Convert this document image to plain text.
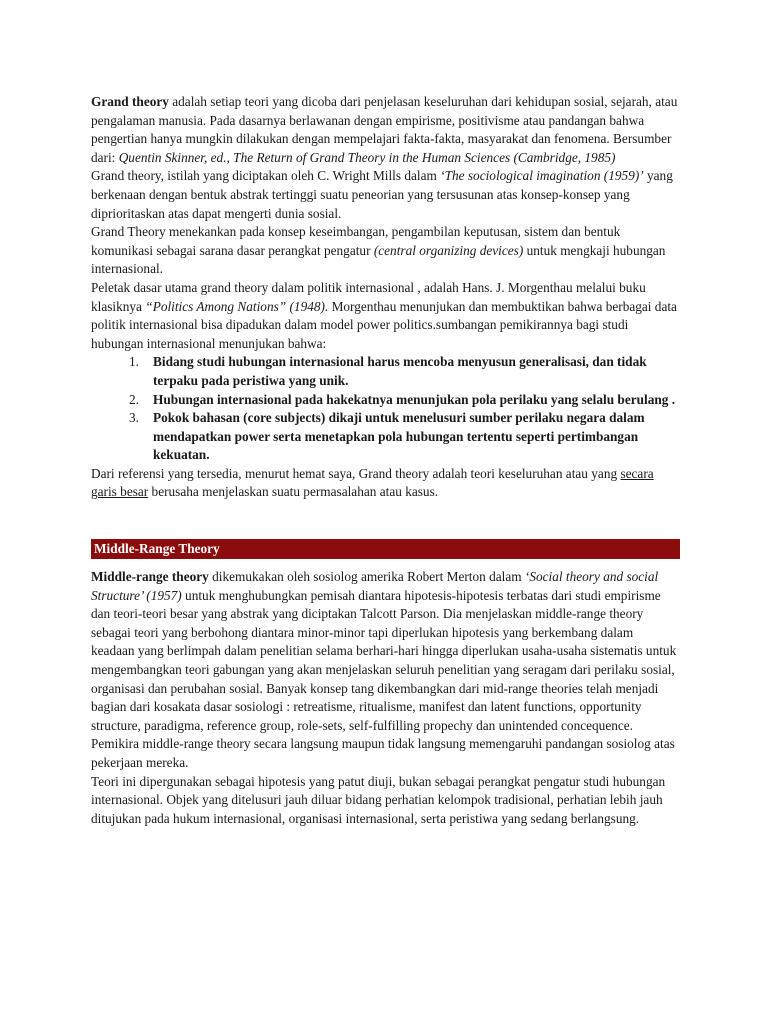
Grand theory adalah setiap teori yang dicoba dari penjelasan keseluruhan dari kehidupan sosial, sejarah, atau pengalaman manusia. Pada dasarnya berlawanan dengan empirisme, positivisme atau pandangan bahwa pengertian hanya mungkin dilakukan dengan mempelajari fakta-fakta, masyarakat dan fenomena. Bersumber dari: Quentin Skinner, ed., The Return of Grand Theory in the Human Sciences (Cambridge, 1985)

Grand theory, istilah yang diciptakan oleh C. Wright Mills dalam ‘The sociological imagination (1959)’ yang berkenaan dengan bentuk abstrak tertinggi suatu peneorian yang tersusunan atas konsep-konsep yang diprioritaskan atas dapat mengerti dunia sosial.

Grand Theory menekankan pada konsep keseimbangan, pengambilan keputusan, sistem dan bentuk komunikasi sebagai sarana dasar perangkat pengatur (central organizing devices) untuk mengkaji hubungan internasional.

Peletak dasar utama grand theory dalam politik internasional , adalah Hans. J. Morgenthau melalui buku klasiknya “Politics Among Nations” (1948). Morgenthau menunjukan dan membuktikan bahwa berbagai data politik internasional bisa dipadukan dalam model power politics.sumbangan pemikirannya bagi studi hubungan internasional menunjukan bahwa:

1. Bidang studi hubungan internasional harus mencoba menyusun generalisasi, dan tidak terpaku pada peristiwa yang unik.
2. Hubungan internasional pada hakekatnya menunjukan pola perilaku yang selalu berulang .
3. Pokok bahasan (core subjects) dikaji untuk menelusuri sumber perilaku negara dalam mendapatkan power serta menetapkan pola hubungan tertentu seperti pertimbangan kekuatan.

Dari referensi yang tersedia, menurut hemat saya, Grand theory adalah teori keseluruhan atau yang secara garis besar berusaha menjelaskan suatu permasalahan atau kasus.

Middle-Range Theory

Middle-range theory dikemukakan oleh sosiolog amerika Robert Merton dalam ‘Social theory and social Structure’ (1957) untuk menghubungkan pemisah diantara hipotesis-hipotesis terbatas dari studi empirisme dan teori-teori besar yang abstrak yang diciptakan Talcott Parson. Dia menjelaskan middle-range theory sebagai teori yang berbohong diantara minor-minor tapi diperlukan hipotesis yang berkembang dalam keadaan yang berlimpah dalam penelitian selama berhari-hari hingga diperlukan usaha-usaha sistematis untuk mengembangkan teori gabungan yang akan menjelaskan seluruh penelitian yang seragam dari perilaku sosial, organisasi dan perubahan sosial. Banyak konsep tang dikembangkan dari mid-range theories telah menjadi bagian dari kosakata dasar sosiologi : retreatisme, ritualisme, manifest dan latent functions, opportunity structure, paradigma, reference group, role-sets, self-fulfilling propechy dan unintended concequence. Pemikira middle-range theory secara langsung maupun tidak langsung memengaruhi pandangan sosiolog atas pekerjaan mereka.

Teori ini dipergunakan sebagai hipotesis yang patut diuji, bukan sebagai perangkat pengatur studi hubungan internasional. Objek yang ditelusuri jauh diluar bidang perhatian kelompok tradisional, perhatian lebih jauh ditujukan pada hukum internasional, organisasi internasional, serta peristiwa yang sedang berlangsung.
